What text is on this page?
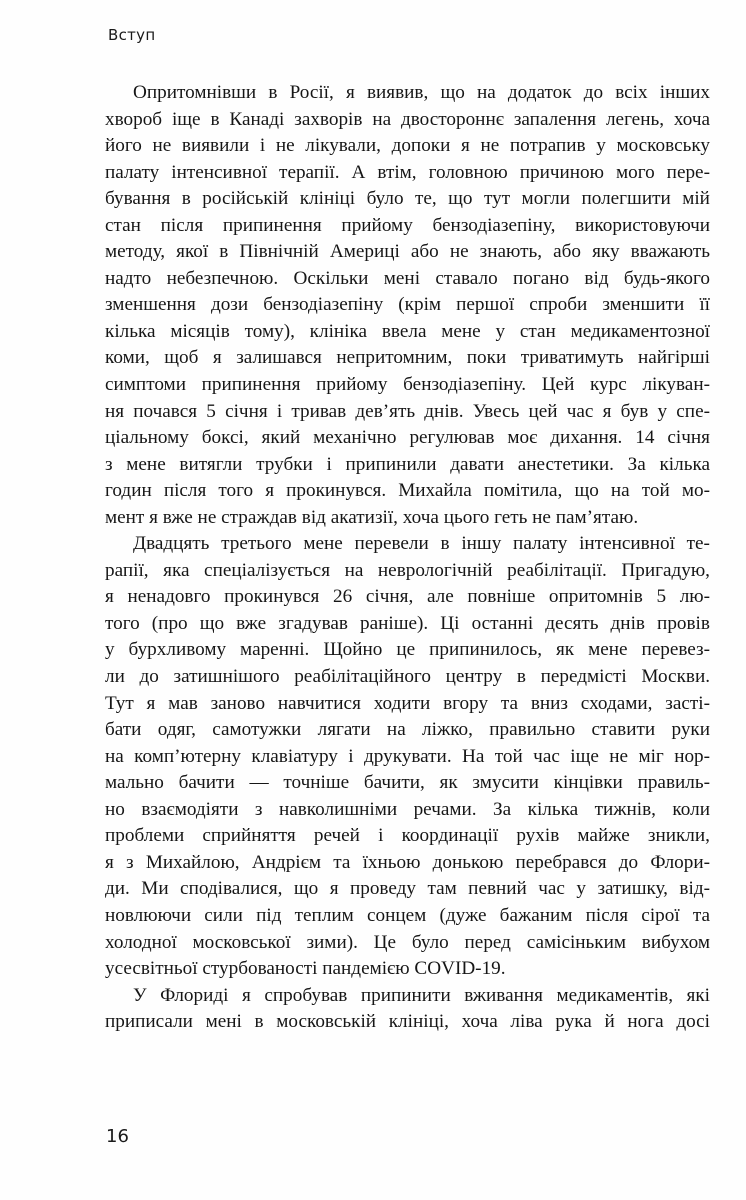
Вступ
Опритомнівши в Росії, я виявив, що на додаток до всіх інших
хвороб іще в Канаді захворів на двостороннє запалення легень, хоча
його не виявили і не лікували, допоки я не потрапив у московську
палату інтенсивної терапії. А втім, головною причиною мого пере-
бування в російській клініці було те, що тут могли полегшити мій
стан після припинення прийому бензодіазепіну, використовуючи
методу, якої в Північній Америці або не знають, або яку вважають
надто небезпечною. Оскільки мені ставало погано від будь-якого
зменшення дози бензодіазепіну (крім першої спроби зменшити її
кілька місяців тому), клініка ввела мене у стан медикаментозної
коми, щоб я залишався непритомним, поки триватимуть найгірші
симптоми припинення прийому бензодіазепіну. Цей курс лікуван-
ня почався 5 січня і тривав дев’ять днів. Увесь цей час я був у спе-
ціальному боксі, який механічно регулював моє дихання. 14 січня
з мене витягли трубки і припинили давати анестетики. За кілька
годин після того я прокинувся. Михайла помітила, що на той мо-
мент я вже не страждав від акатизії, хоча цього геть не пам’ятаю.
Двадцять третього мене перевели в іншу палату інтенсивної те-
рапії, яка спеціалізується на неврологічній реабілітації. Пригадую,
я ненадовго прокинувся 26 січня, але повніше опритомнів 5 лю-
того (про що вже згадував раніше). Ці останні десять днів провів
у бурхливому маренні. Щойно це припинилось, як мене перевез-
ли до затишнішого реабілітаційного центру в передмісті Москви.
Тут я мав заново навчитися ходити вгору та вниз сходами, засті-
бати одяг, самотужки лягати на ліжко, правильно ставити руки
на комп’ютерну клавіатуру і друкувати. На той час іще не міг нор-
мально бачити — точніше бачити, як змусити кінцівки правиль-
но взаємодіяти з навколишніми речами. За кілька тижнів, коли
проблеми сприйняття речей і координації рухів майже зникли,
я з Михайлою, Андрієм та їхньою донькою перебрався до Флори-
ди. Ми сподівалися, що я проведу там певний час у затишку, від-
новлюючи сили під теплим сонцем (дуже бажаним після сірої та
холодної московської зими). Це було перед самісіньким вибухом
усесвітньої стурбованості пандемією COVID-19.
У Флориді я спробував припинити вживання медикаментів, які
приписали мені в московській клініці, хоча ліва рука й нога досі
16
